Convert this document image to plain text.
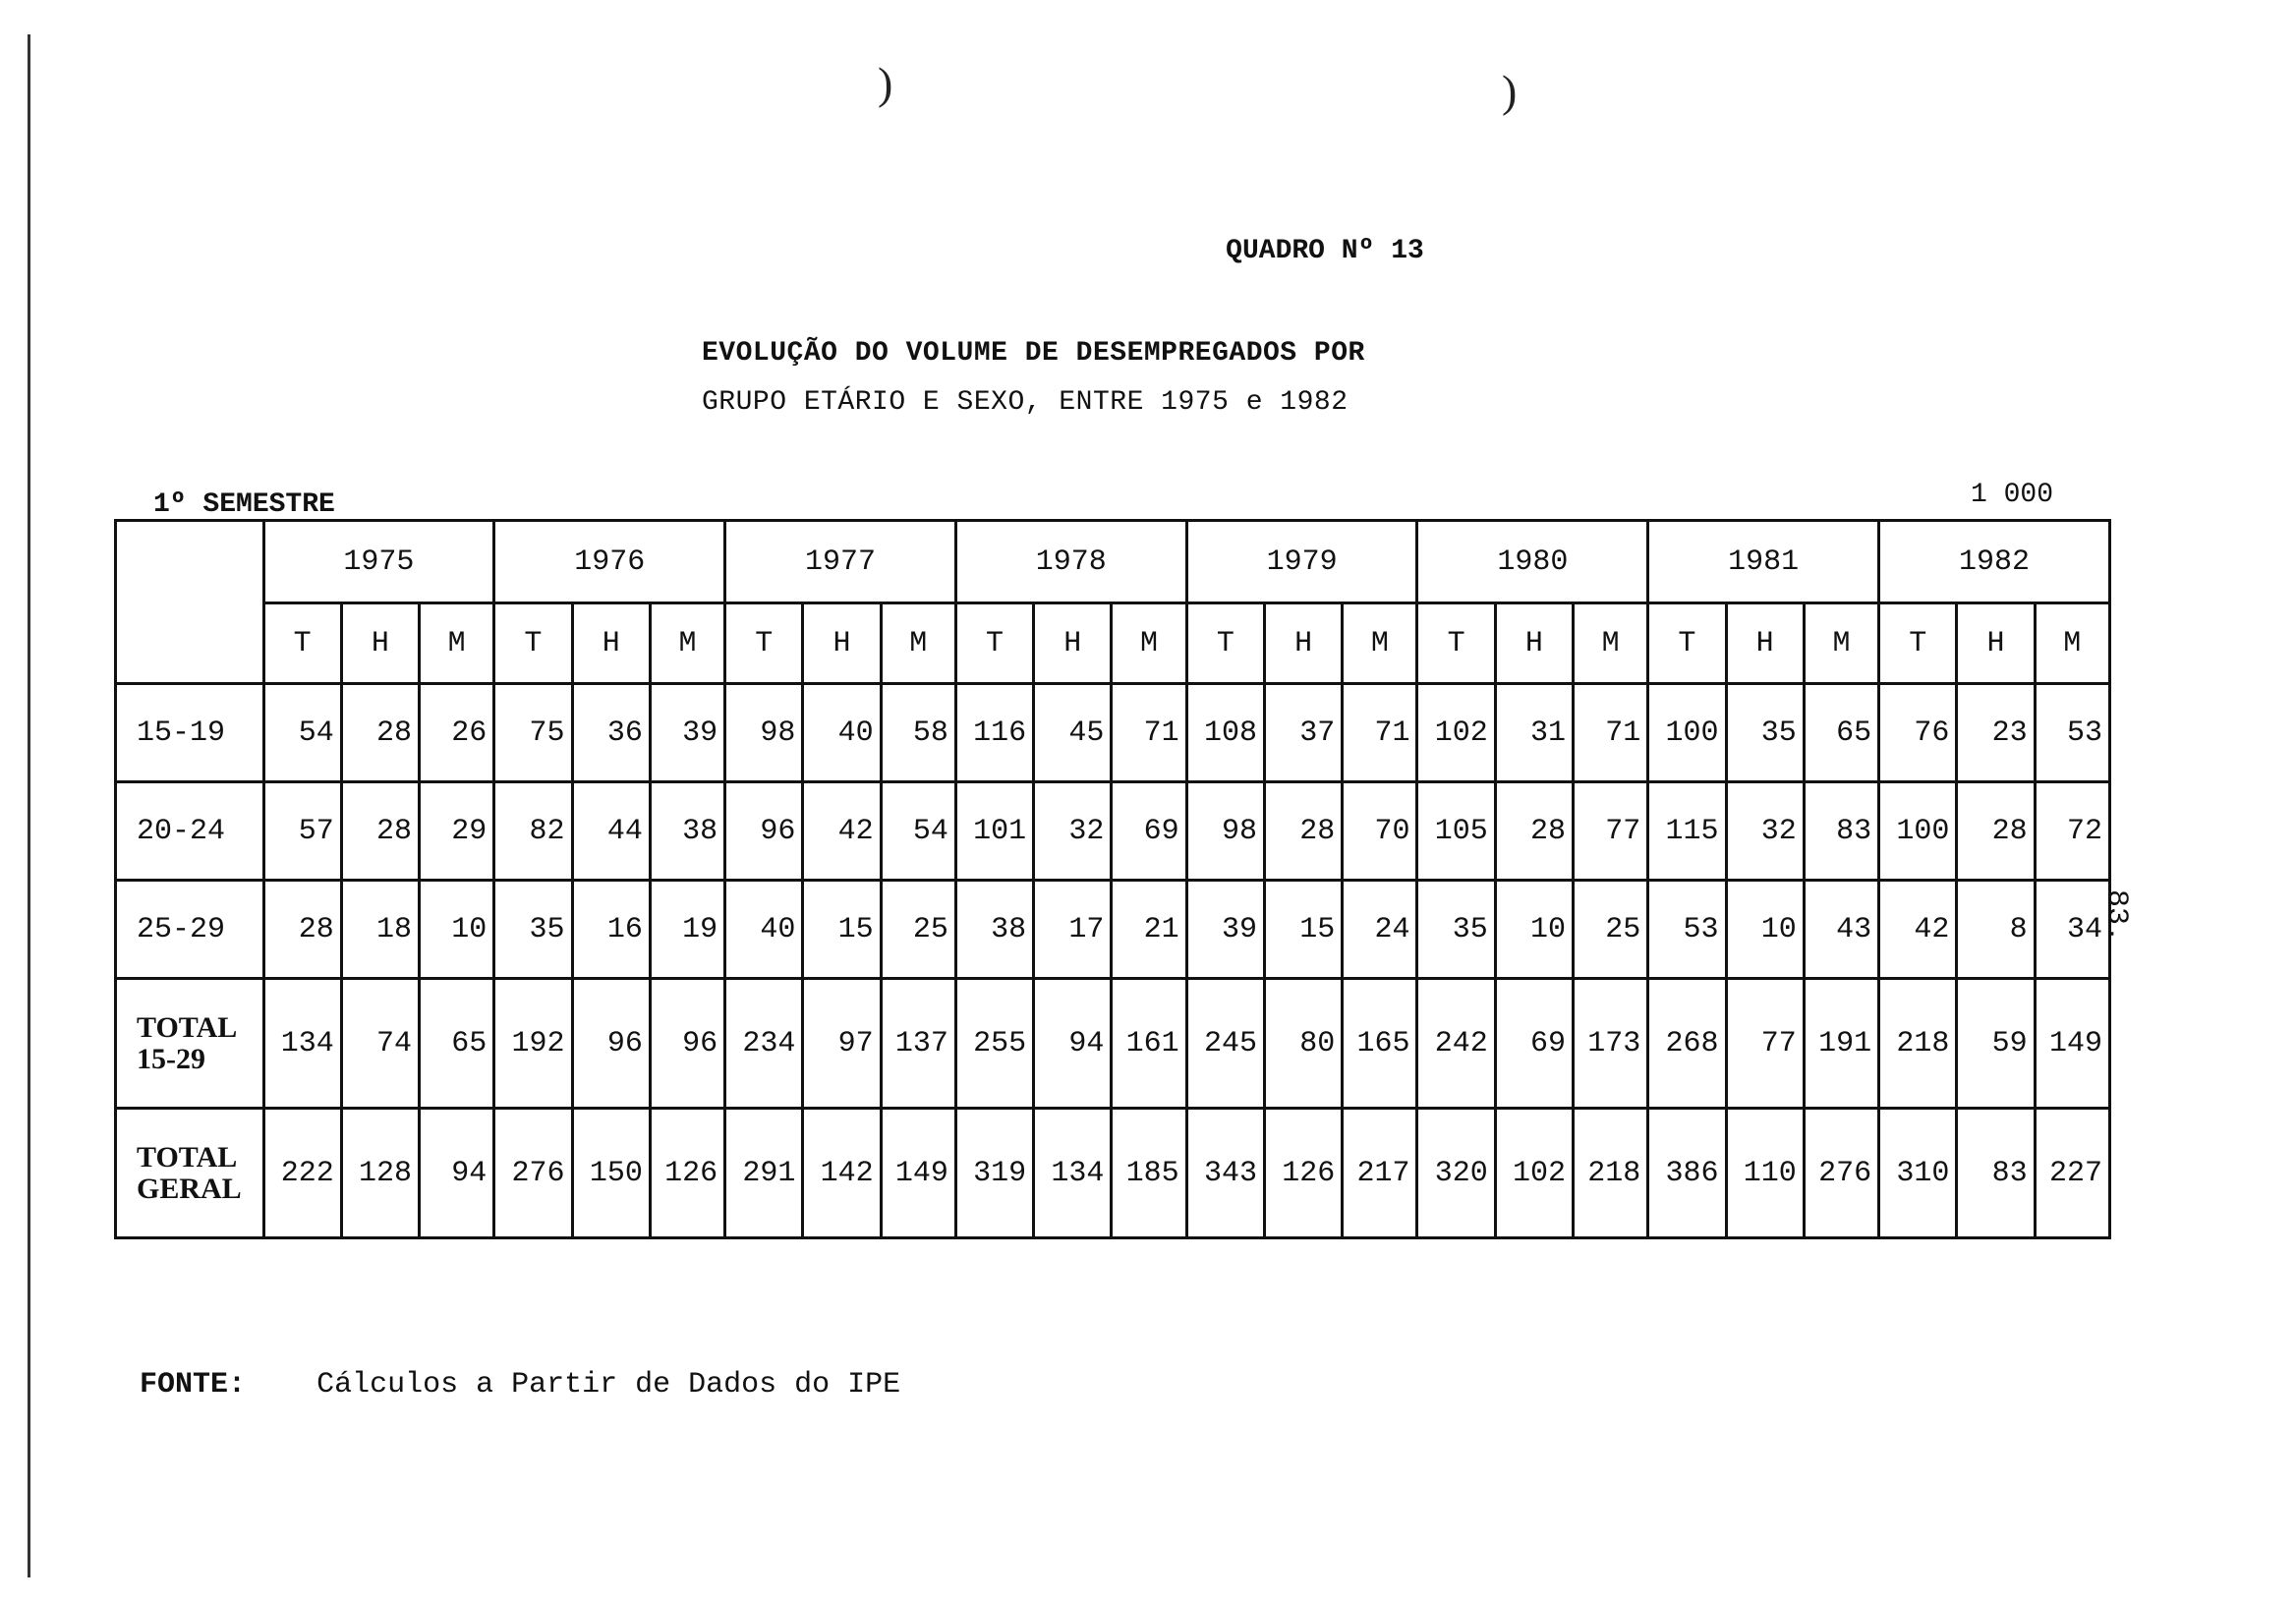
)	)
QUADRO Nº 13
EVOLUÇÃO DO VOLUME DE DESEMPREGADOS POR
GRUPO ETÁRIO E SEXO, ENTRE 1975 e 1982
1º SEMESTRE	1 000
83.
	1975			1976			1977			1978			1979			1980			1981			1982		
	T	H	M	T	H	M	T	H	M	T	H	M	T	H	M	T	H	M	T	H	M	T	H	M
15-19	54	28	26	75	36	39	98	40	58	116	45	71	108	37	71	102	31	71	100	35	65	76	23	53
20-24	57	28	29	82	44	38	96	42	54	101	32	69	98	28	70	105	28	77	115	32	83	100	28	72
25-29	28	18	10	35	16	19	40	15	25	38	17	21	39	15	24	35	10	25	53	10	43	42	8	34

TOTAL
15-29	134	74	65	192	96	96	234	97	137	255	94	161	245	80	165	242	69	173	268	77	191	218	59	149

TOTAL
GERAL	222	128	94	276	150	126	291	142	149	319	134	185	343	126	217	320	102	218	386	110	276	310	83	227
FONTE: Cálculos a Partir de Dados do IPE
